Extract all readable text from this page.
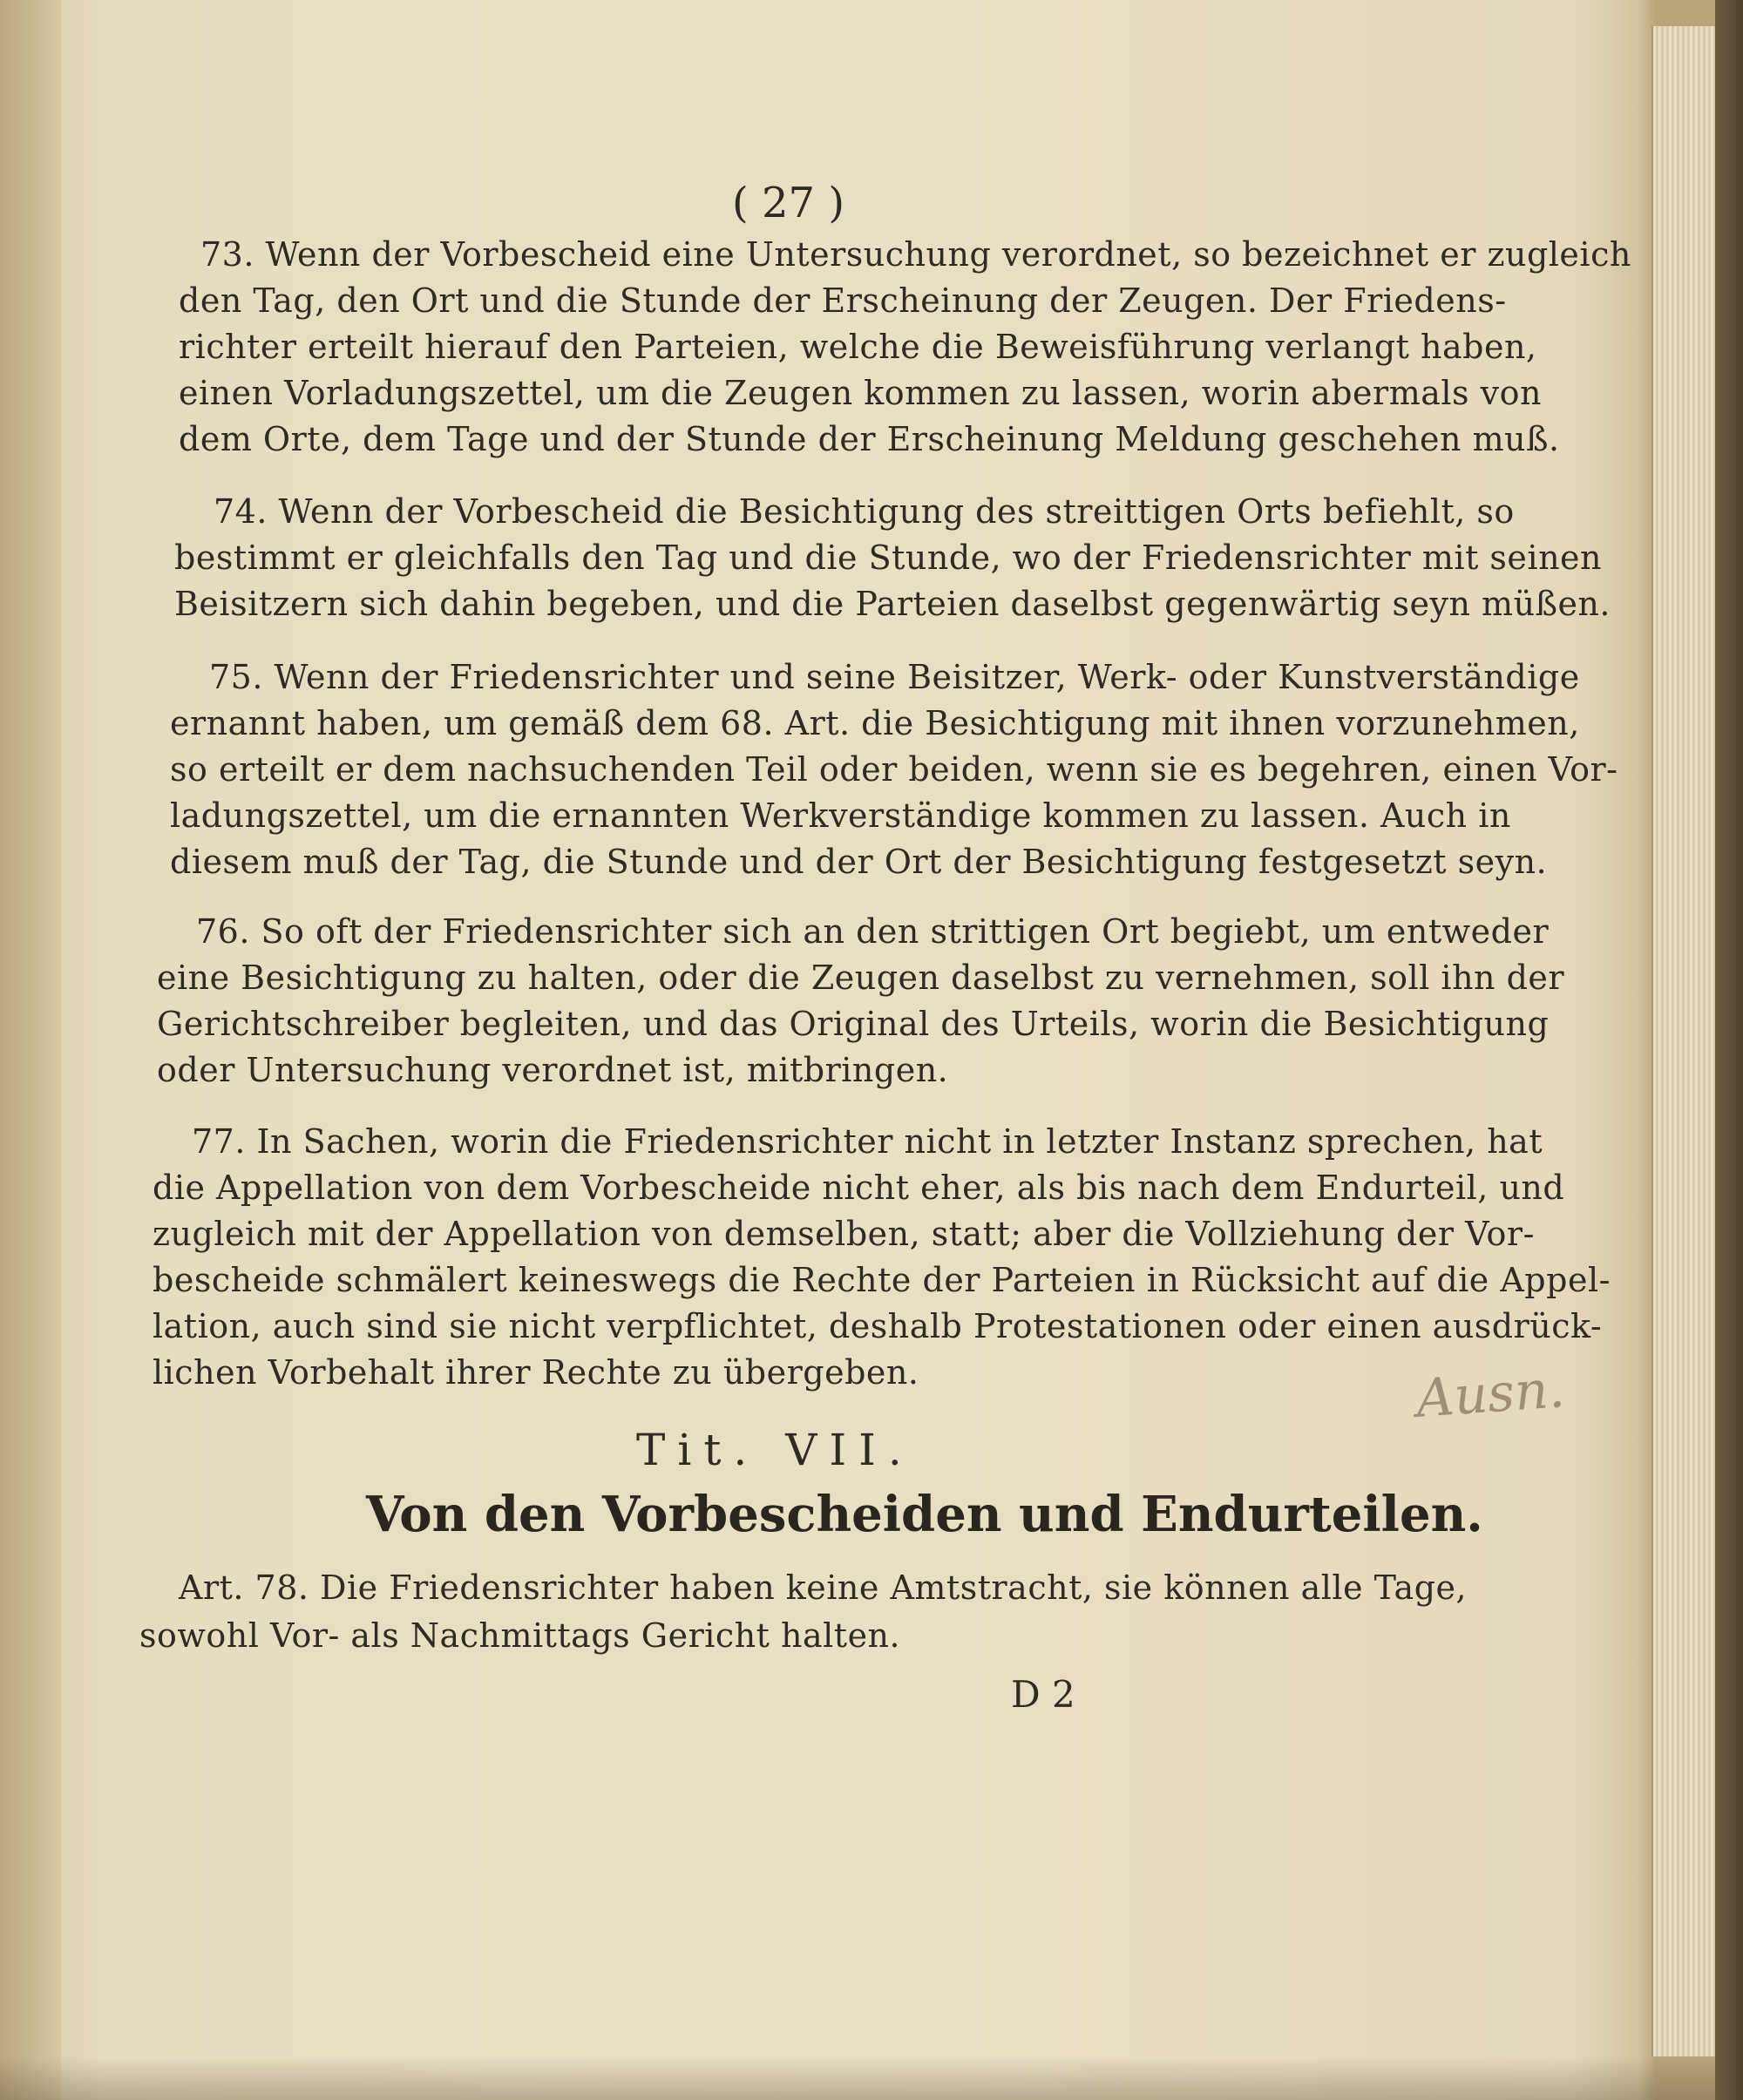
( 27 )
73. Wenn der Vorbescheid eine Untersuchung verordnet, so bezeichnet er zugleich
den Tag, den Ort und die Stunde der Erscheinung der Zeugen. Der Friedens-
richter erteilt hierauf den Parteien, welche die Beweisführung verlangt haben,
einen Vorladungszettel, um die Zeugen kommen zu lassen, worin abermals von
dem Orte, dem Tage und der Stunde der Erscheinung Meldung geschehen muß.
74. Wenn der Vorbescheid die Besichtigung des streittigen Orts befiehlt, so
bestimmt er gleichfalls den Tag und die Stunde, wo der Friedensrichter mit seinen
Beisitzern sich dahin begeben, und die Parteien daselbst gegenwärtig seyn müßen.
75. Wenn der Friedensrichter und seine Beisitzer, Werk- oder Kunstverständige
ernannt haben, um gemäß dem 68. Art. die Besichtigung mit ihnen vorzunehmen,
so erteilt er dem nachsuchenden Teil oder beiden, wenn sie es begehren, einen Vor-
ladungszettel, um die ernannten Werkverständige kommen zu lassen. Auch in
diesem muß der Tag, die Stunde und der Ort der Besichtigung festgesetzt seyn.
76. So oft der Friedensrichter sich an den strittigen Ort begiebt, um entweder
eine Besichtigung zu halten, oder die Zeugen daselbst zu vernehmen, soll ihn der
Gerichtschreiber begleiten, und das Original des Urteils, worin die Besichtigung
oder Untersuchung verordnet ist, mitbringen.
77. In Sachen, worin die Friedensrichter nicht in letzter Instanz sprechen, hat
die Appellation von dem Vorbescheide nicht eher, als bis nach dem Endurteil, und
zugleich mit der Appellation von demselben, statt; aber die Vollziehung der Vor-
bescheide schmälert keineswegs die Rechte der Parteien in Rücksicht auf die Appel-
lation, auch sind sie nicht verpflichtet, deshalb Protestationen oder einen ausdrück-
lichen Vorbehalt ihrer Rechte zu übergeben.
Tit. VII.
Von den Vorbescheiden und Endurteilen.
Art. 78. Die Friedensrichter haben keine Amtstracht, sie können alle Tage,
sowohl Vor- als Nachmittags Gericht halten.
D 2
Ausn.
